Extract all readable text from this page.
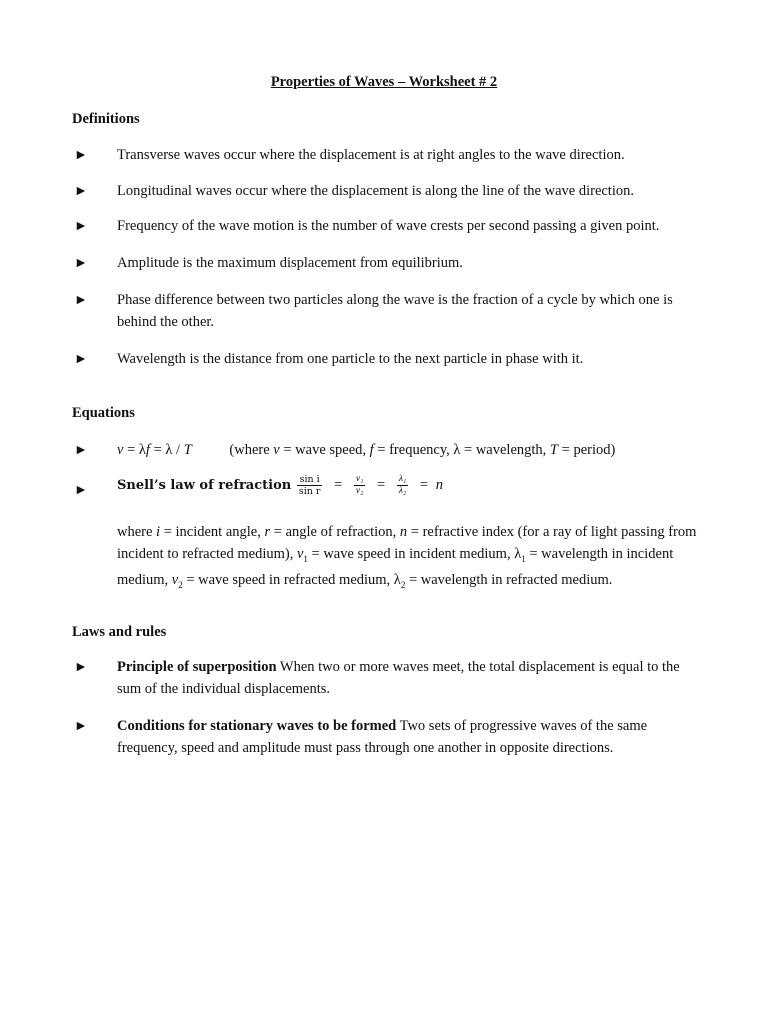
Properties of Waves – Worksheet # 2
Definitions
► Transverse waves occur where the displacement is at right angles to the wave direction.
► Longitudinal waves occur where the displacement is along the line of the wave direction.
► Frequency of the wave motion is the number of wave crests per second passing a given point.
► Amplitude is the maximum displacement from equilibrium.
► Phase difference between two particles along the wave is the fraction of a cycle by which one is behind the other.
► Wavelength is the distance from one particle to the next particle in phase with it.
Equations
► v = λf = λ / T	(where v = wave speed, f = frequency, λ = wavelength, T = period)
► Snell’s law of refraction $\frac{\text{sin i}}{\text{sin r}} = \frac{\text{v₁}}{\text{v₂}} = \frac{\text{λ₁}}{\text{λ₂}} = n$
where i = incident angle, r = angle of refraction, n = refractive index (for a ray of light passing from incident to refracted medium), $v_1$ = wave speed in incident medium, $\lambda_1$ = wavelength in incident medium, $v_2$ = wave speed in refracted medium, $\lambda_2$ = wavelength in refracted medium.
Laws and rules
► Principle of superposition When two or more waves meet, the total displacement is equal to the sum of the individual displacements.
► Conditions for stationary waves to be formed Two sets of progressive waves of the same frequency, speed and amplitude must pass through one another in opposite directions.
